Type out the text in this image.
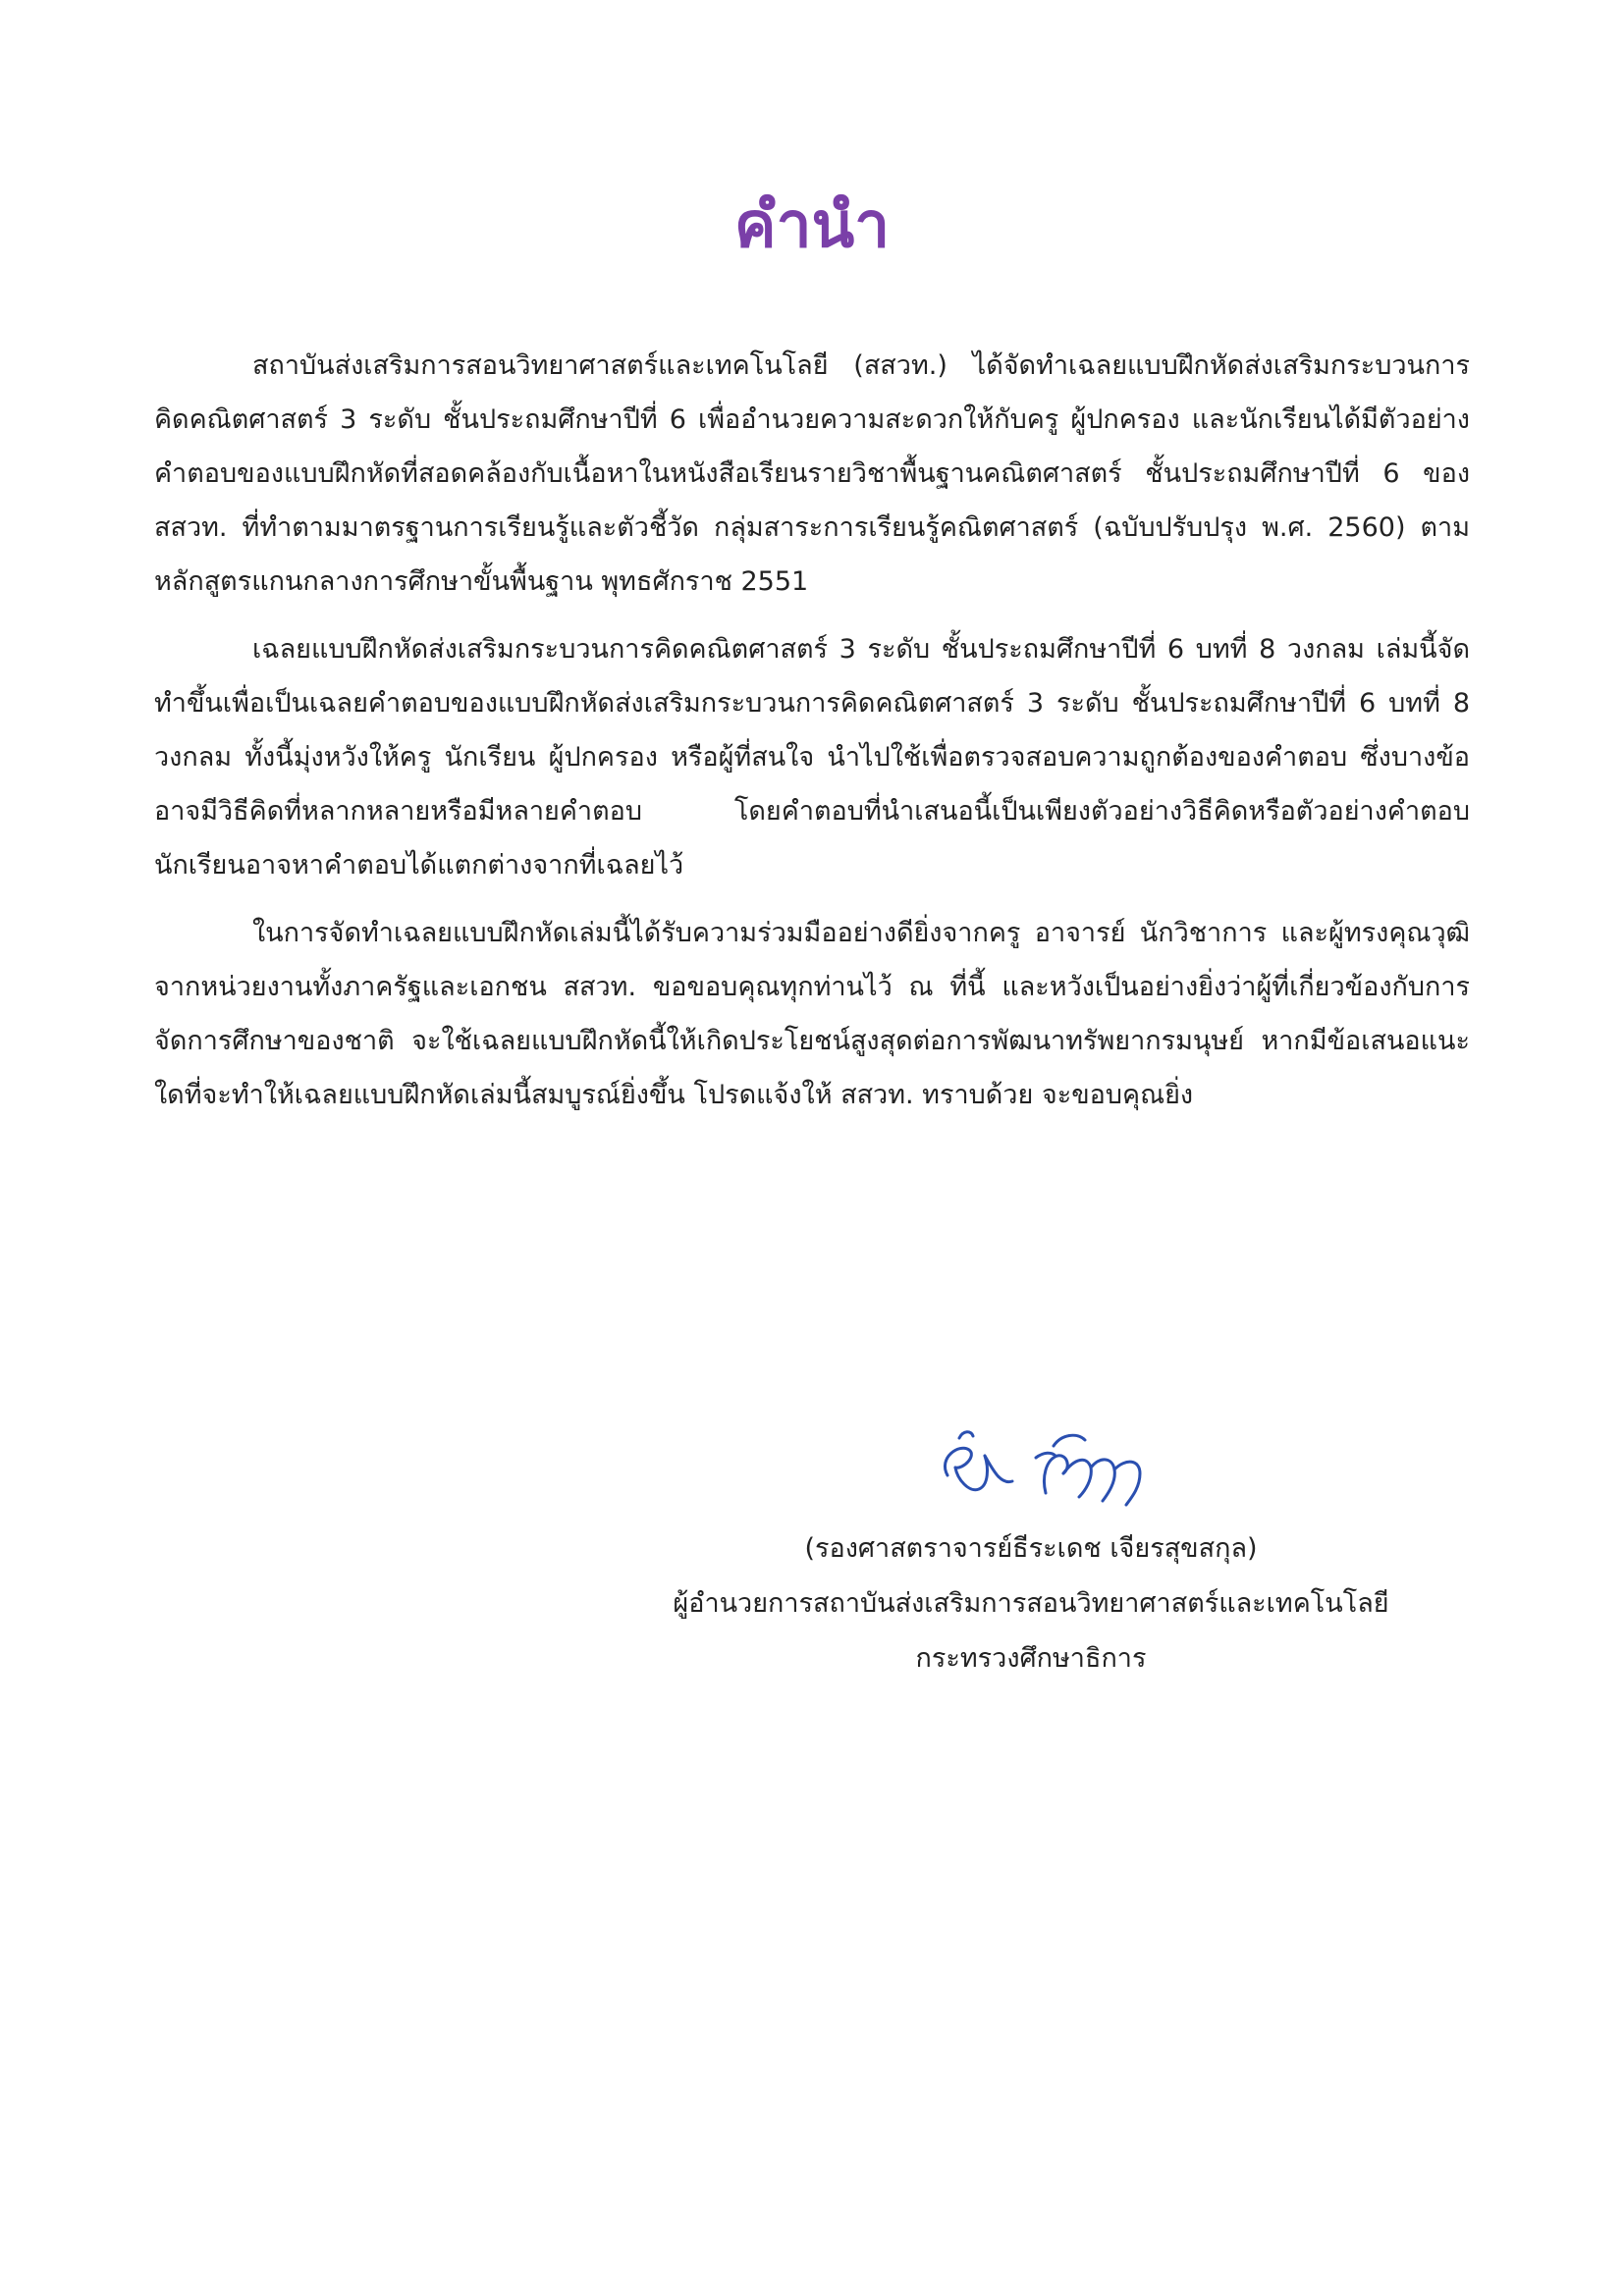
คำนำ

สถาบันส่งเสริมการสอนวิทยาศาสตร์และเทคโนโลยี (สสวท.) ได้จัดทำเฉลยแบบฝึกหัดส่งเสริมกระบวนการคิดคณิตศาสตร์ 3 ระดับ ชั้นประถมศึกษาปีที่ 6 เพื่ออำนวยความสะดวกให้กับครู ผู้ปกครอง และนักเรียนได้มีตัวอย่างคำตอบของแบบฝึกหัดที่สอดคล้องกับเนื้อหาในหนังสือเรียนรายวิชาพื้นฐานคณิตศาสตร์ ชั้นประถมศึกษาปีที่ 6 ของ สสวท. ที่ทำตามมาตรฐานการเรียนรู้และตัวชี้วัด กลุ่มสาระการเรียนรู้คณิตศาสตร์ (ฉบับปรับปรุง พ.ศ. 2560) ตามหลักสูตรแกนกลางการศึกษาขั้นพื้นฐาน พุทธศักราช 2551

เฉลยแบบฝึกหัดส่งเสริมกระบวนการคิดคณิตศาสตร์ 3 ระดับ ชั้นประถมศึกษาปีที่ 6 บทที่ 8 วงกลม เล่มนี้จัดทำขึ้นเพื่อเป็นเฉลยคำตอบของแบบฝึกหัดส่งเสริมกระบวนการคิดคณิตศาสตร์ 3 ระดับ ชั้นประถมศึกษาปีที่ 6 บทที่ 8 วงกลม ทั้งนี้มุ่งหวังให้ครู นักเรียน ผู้ปกครอง หรือผู้ที่สนใจ นำไปใช้เพื่อตรวจสอบความถูกต้องของคำตอบ ซึ่งบางข้ออาจมีวิธีคิดที่หลากหลายหรือมีหลายคำตอบ โดยคำตอบที่นำเสนอนี้เป็นเพียงตัวอย่างวิธีคิดหรือตัวอย่างคำตอบ นักเรียนอาจหาคำตอบได้แตกต่างจากที่เฉลยไว้

ในการจัดทำเฉลยแบบฝึกหัดเล่มนี้ได้รับความร่วมมืออย่างดียิ่งจากครู อาจารย์ นักวิชาการ และผู้ทรงคุณวุฒิจากหน่วยงานทั้งภาครัฐและเอกชน สสวท. ขอขอบคุณทุกท่านไว้ ณ ที่นี้ และหวังเป็นอย่างยิ่งว่าผู้ที่เกี่ยวข้องกับการจัดการศึกษาของชาติ จะใช้เฉลยแบบฝึกหัดนี้ให้เกิดประโยชน์สูงสุดต่อการพัฒนาทรัพยากรมนุษย์ หากมีข้อเสนอแนะใดที่จะทำให้เฉลยแบบฝึกหัดเล่มนี้สมบูรณ์ยิ่งขึ้น โปรดแจ้งให้ สสวท. ทราบด้วย จะขอบคุณยิ่ง

(รองศาสตราจารย์ธีระเดช เจียรสุขสกุล)
ผู้อำนวยการสถาบันส่งเสริมการสอนวิทยาศาสตร์และเทคโนโลยี
กระทรวงศึกษาธิการ
